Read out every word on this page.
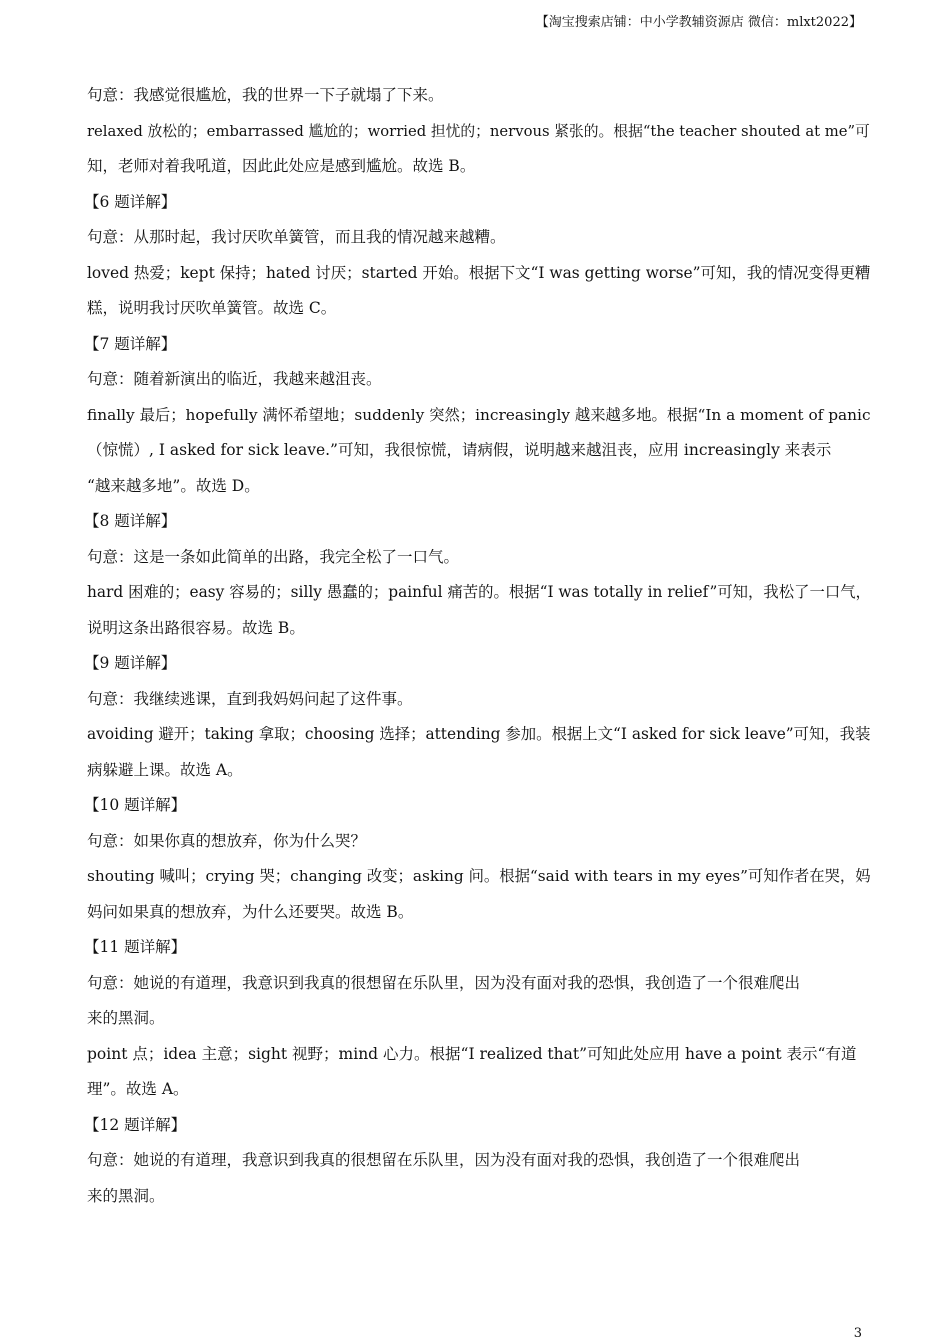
【淘宝搜索店铺：中小学教辅资源店 微信：mlxt2022】
句意：我感觉很尴尬，我的世界一下子就塌了下来。
relaxed 放松的；embarrassed 尴尬的；worried 担忧的；nervous 紧张的。根据“the teacher shouted at me”可
知，老师对着我吼道，因此此处应是感到尴尬。故选 B。
【6 题详解】
句意：从那时起，我讨厌吹单簧管，而且我的情况越来越糟。
loved 热爱；kept 保持；hated 讨厌；started 开始。根据下文“I was getting worse”可知，我的情况变得更糟
糕，说明我讨厌吹单簧管。故选 C。
【7 题详解】
句意：随着新演出的临近，我越来越沮丧。
finally 最后；hopefully 满怀希望地；suddenly 突然；increasingly 越来越多地。根据“In a moment of panic
（惊慌）, I asked for sick leave.”可知，我很惊慌，请病假，说明越来越沮丧，应用 increasingly 来表示
“越来越多地”。故选 D。
【8 题详解】
句意：这是一条如此简单的出路，我完全松了一口气。
hard 困难的；easy 容易的；silly 愚蠢的；painful 痛苦的。根据“I was totally in relief”可知，我松了一口气，
说明这条出路很容易。故选 B。
【9 题详解】
句意：我继续逃课，直到我妈妈问起了这件事。
avoiding 避开；taking 拿取；choosing 选择；attending 参加。根据上文“I asked for sick leave”可知，我装
病躲避上课。故选 A。
【10 题详解】
句意：如果你真的想放弃，你为什么哭？
shouting 喊叫；crying 哭；changing 改变；asking 问。根据“said with tears in my eyes”可知作者在哭，妈
妈问如果真的想放弃，为什么还要哭。故选 B。
【11 题详解】
句意：她说的有道理，我意识到我真的很想留在乐队里，因为没有面对我的恐惧，我创造了一个很难爬出
来的黑洞。
point 点；idea 主意；sight 视野；mind 心力。根据“I realized that”可知此处应用 have a point 表示“有道
理”。故选 A。
【12 题详解】
句意：她说的有道理，我意识到我真的很想留在乐队里，因为没有面对我的恐惧，我创造了一个很难爬出
来的黑洞。
3
